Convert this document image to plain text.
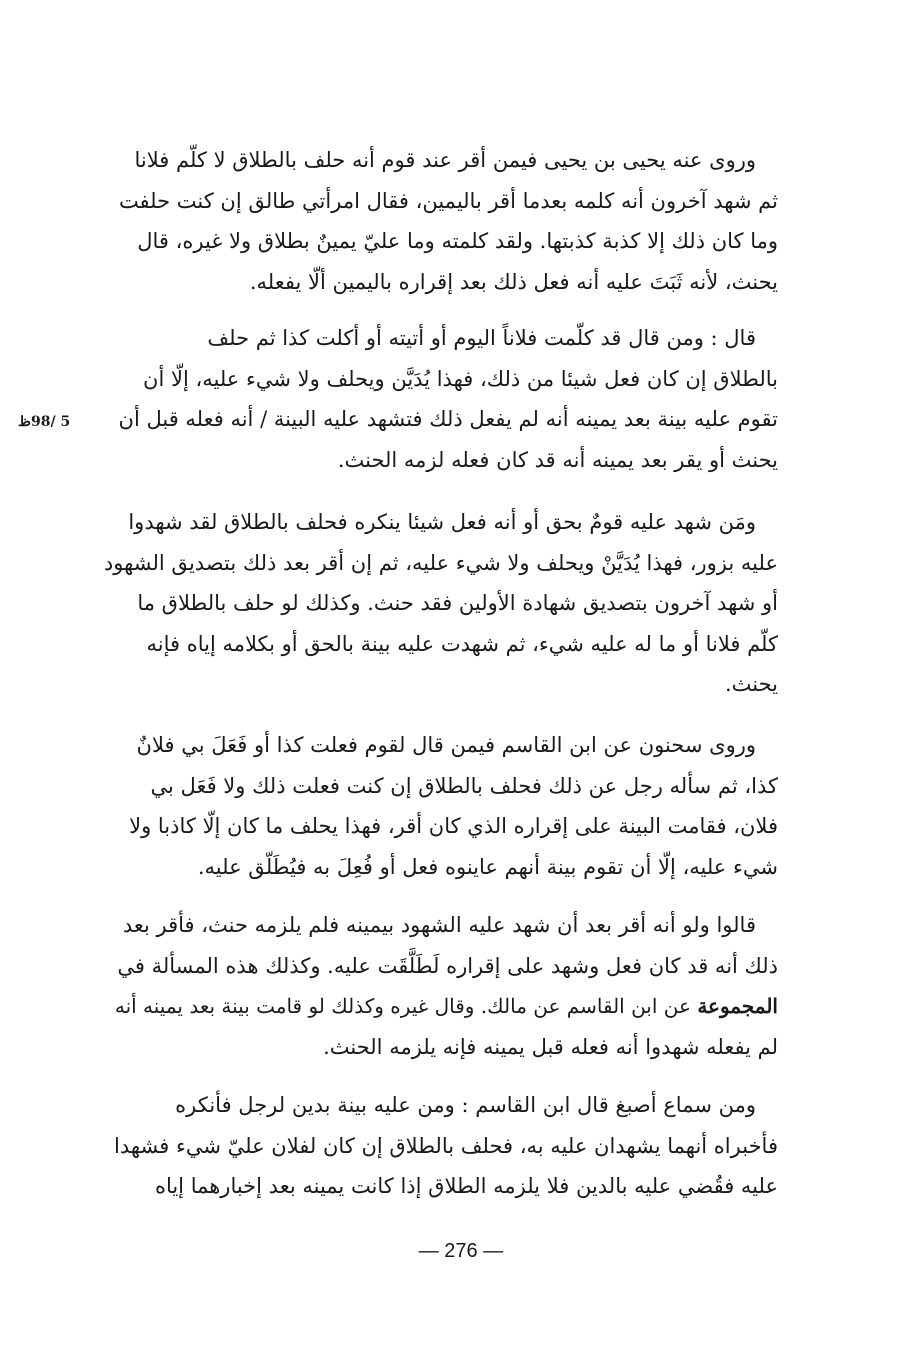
وروى عنه يحيى بن يحيى فيمن أقر عند قوم أنه حلف بالطلاق لا كلّم فلانا
ثم شهد آخرون أنه كلمه بعدما أقر باليمين، فقال امرأتي طالق إن كنت حلفت
وما كان ذلك إلا كذبة كذبتها. ولقد كلمته وما عليّ يمينٌ بطلاق ولا غيره، قال
يحنث، لأنه ثَبَتَ عليه أنه فعل ذلك بعد إقراره باليمين ألّا يفعله.
قال : ومن قال قد كلّمت فلاناً اليوم أو أتيته أو أكلت كذا ثم حلف
بالطلاق إن كان فعل شيئا من ذلك، فهذا يُدَيَّن ويحلف ولا شيء عليه، إلّا أن
تقوم عليه بينة بعد يمينه أنه لم يفعل ذلك فتشهد عليه البينة / أنه فعله قبل أن
يحنث أو يقر بعد يمينه أنه قد كان فعله لزمه الحنث.
5 /98ظ
ومَن شهد عليه قومٌ بحق أو أنه فعل شيئا ينكره فحلف بالطلاق لقد شهدوا
عليه بزور، فهذا يُدَيَّنْ ويحلف ولا شيء عليه، ثم إن أقر بعد ذلك بتصديق الشهود
أو شهد آخرون بتصديق شهادة الأولين فقد حنث. وكذلك لو حلف بالطلاق ما
كلّم فلانا أو ما له عليه شيء، ثم شهدت عليه بينة بالحق أو بكلامه إياه فإنه
يحنث.
وروى سحنون عن ابن القاسم فيمن قال لقوم فعلت كذا أو فَعَلَ بي فلانٌ
كذا، ثم سأله رجل عن ذلك فحلف بالطلاق إن كنت فعلت ذلك ولا فَعَل بي
فلان، فقامت البينة على إقراره الذي كان أقر، فهذا يحلف ما كان إلّا كاذبا ولا
شيء عليه، إلّا أن تقوم بينة أنهم عاينوه فعل أو فُعِلَ به فيُطَلّق عليه.
قالوا ولو أنه أقر بعد أن شهد عليه الشهود بيمينه فلم يلزمه حنث، فأقر بعد
ذلك أنه قد كان فعل وشهد على إقراره لَطَلَّقَت عليه. وكذلك هذه المسألة في
المجموعة عن ابن القاسم عن مالك. وقال غيره وكذلك لو قامت بينة بعد يمينه أنه
لم يفعله شهدوا أنه فعله قبل يمينه فإنه يلزمه الحنث.
ومن سماع أصبغ قال ابن القاسم : ومن عليه بينة بدين لرجل فأنكره
فأخبراه أنهما يشهدان عليه به، فحلف بالطلاق إن كان لفلان عليّ شيء فشهدا
عليه فقُضي عليه بالدين فلا يلزمه الطلاق إذا كانت يمينه بعد إخبارهما إياه
— 276 —
